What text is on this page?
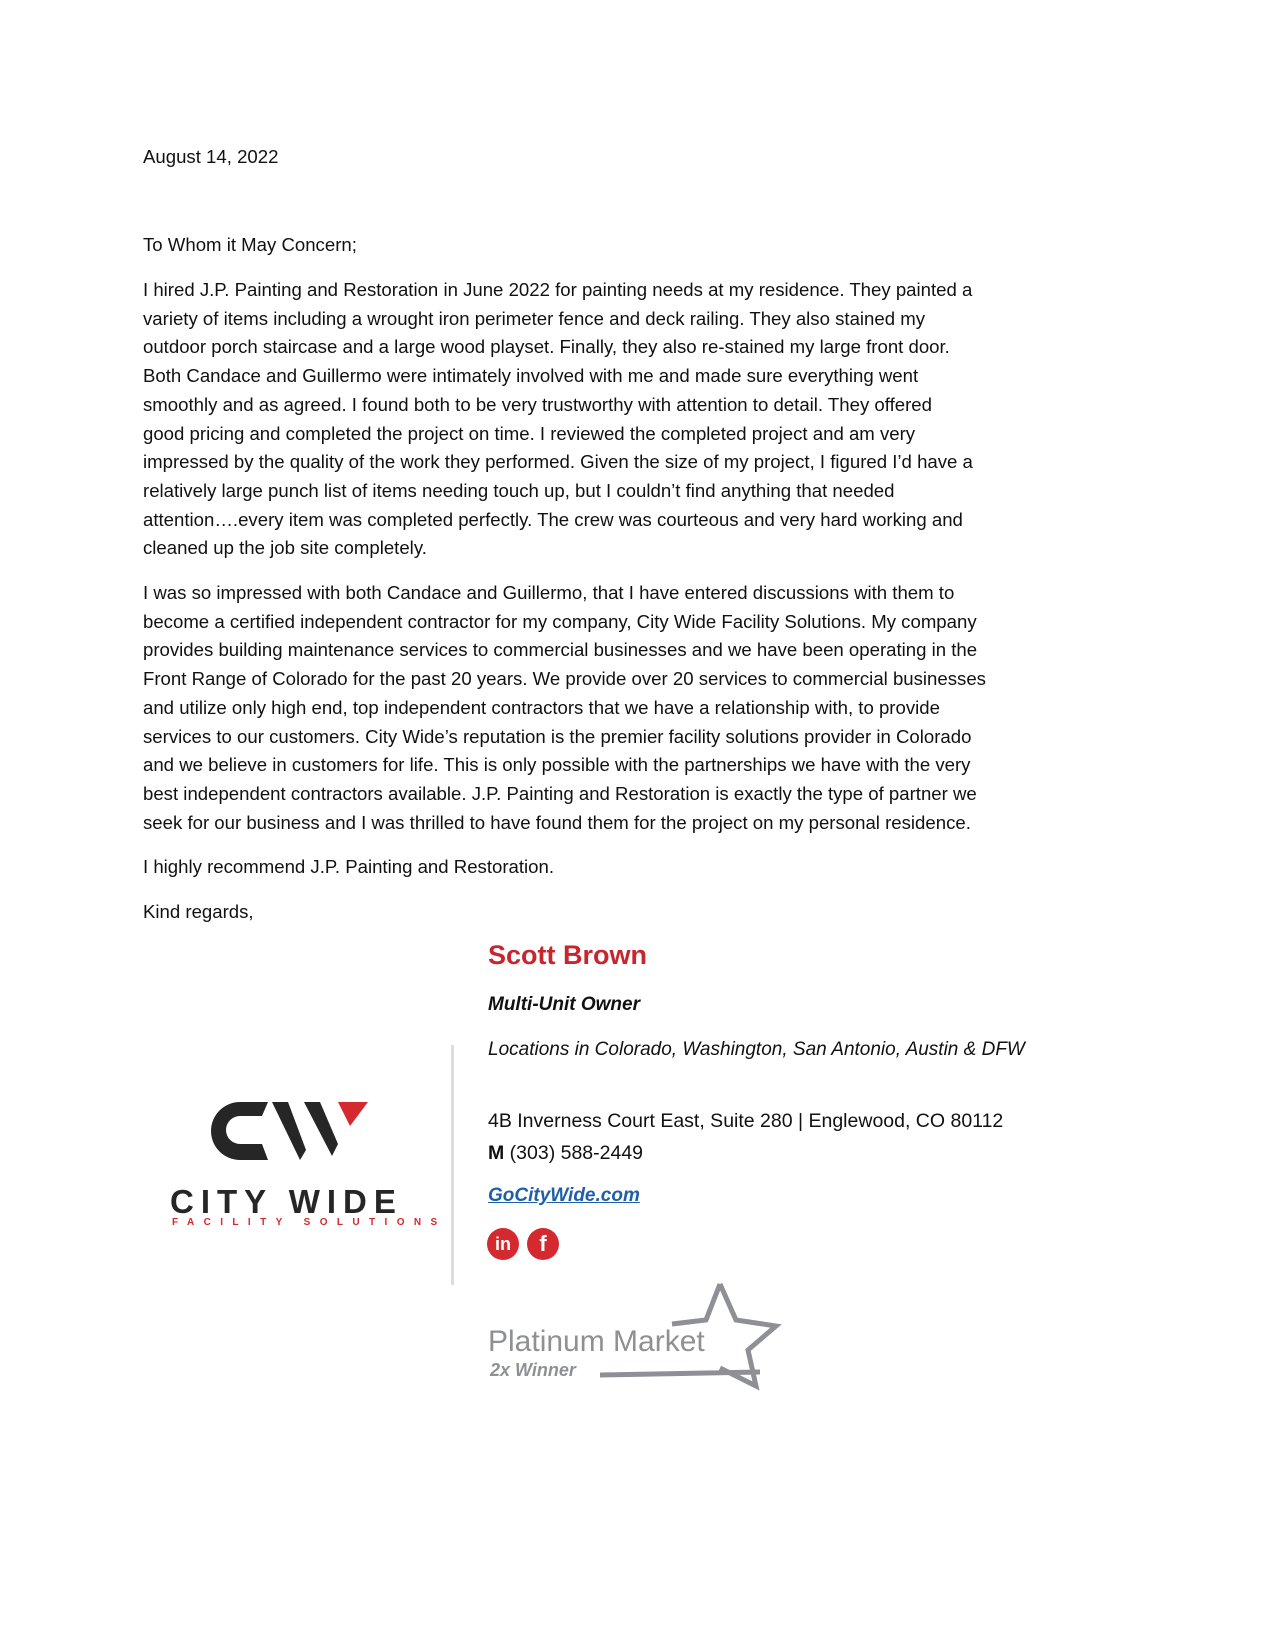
August 14, 2022
To Whom it May Concern;
I hired J.P. Painting and Restoration in June 2022 for painting needs at my residence. They painted a
variety of items including a wrought iron perimeter fence and deck railing. They also stained my
outdoor porch staircase and a large wood playset. Finally, they also re-stained my large front door.
Both Candace and Guillermo were intimately involved with me and made sure everything went
smoothly and as agreed. I found both to be very trustworthy with attention to detail. They offered
good pricing and completed the project on time. I reviewed the completed project and am very
impressed by the quality of the work they performed. Given the size of my project, I figured I’d have a
relatively large punch list of items needing touch up, but I couldn’t find anything that needed
attention….every item was completed perfectly. The crew was courteous and very hard working and
cleaned up the job site completely.
I was so impressed with both Candace and Guillermo, that I have entered discussions with them to
become a certified independent contractor for my company, City Wide Facility Solutions. My company
provides building maintenance services to commercial businesses and we have been operating in the
Front Range of Colorado for the past 20 years. We provide over 20 services to commercial businesses
and utilize only high end, top independent contractors that we have a relationship with, to provide
services to our customers. City Wide’s reputation is the premier facility solutions provider in Colorado
and we believe in customers for life. This is only possible with the partnerships we have with the very
best independent contractors available. J.P. Painting and Restoration is exactly the type of partner we
seek for our business and I was thrilled to have found them for the project on my personal residence.
I highly recommend J.P. Painting and Restoration.
Kind regards,
Scott Brown
Multi-Unit Owner
Locations in Colorado, Washington, San Antonio, Austin & DFW
4B Inverness Court East, Suite 280 | Englewood, CO 80112
M (303) 588-2449
GoCityWide.com
in	f
CITY WIDE
FACILITY SOLUTIONS
Platinum Market
2x Winner
